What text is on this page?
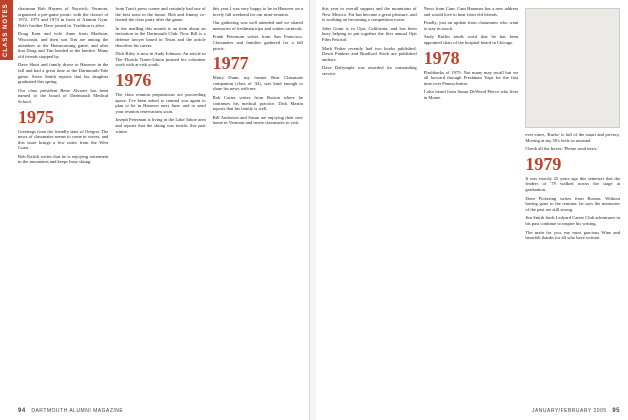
CLASS NOTES	chairman Bob Haynes of Norwich, Vermont, organized a pre-game picnic with the classes of 1972, 1973 and 1974 in front of Alumni Gym. Bob's brother Dave joined in. Tradition is alive.

Doug Kent and wife Anne from Madison, Wisconsin, and their son Tim are among the attendees at the Homecoming game, and after that Doug and Tim headed to the bonfire. Many old friends stopped by.

Dave Short and family drove to Hanover in the fall and had a great time at the Dartmouth-Yale game. Steve Smith reports that his daughter graduated this spring.

Our class president Rene Alvarez has been named to the board of Dartmouth Medical School.

1975

Greetings from the friendly state of Oregon. The news of classmates seems to come in waves, and this issue brings a few notes from the West Coast.

Bob Kalish writes that he is enjoying retirement in the mountains and keeps busy skiing.

from Tom's press corner and certainly had one of the best seats in the house. Bob and Jimmy co-hosted the class party after the game.

In the mailbag this month is an item about an invitation to the Dartmouth Club. Now Bill is a defense lawyer based in Texas and the article describes his career.

Dick Riley is now in Andy Johnson. An article in The Florida Times-Union praised his volunteer work with at-risk youth.

1976

The class reunion preparations are proceeding apace. I've been asked to remind you again to plan to be in Hanover next June, and to send your reunion reservations soon.

Joseph Peterman is living in the Lake Tahoe area and reports that the skiing was terrific this past winter.

this year I was very happy to be in Hanover on a lovely fall weekend for our mini-reunion.

Our gathering was well attended and we shared memories of freshman trips and winter carnivals.

Frank Peterman writes from San Francisco. Classmates and families gathered for a fall picnic.

1977

Marty Dunn, my former Rear Classmate companion (class of '44), was kind enough to share his news with me.

Bob Carter writes from Boston where he continues his medical practice. Dick Martin reports that his family is well.

Bill Anderson and Susan are enjoying their new home in Vermont and invite classmates to visit.

94 DARTMOUTH ALUMNI MAGAZINE

this year in overall support and the mountains of New Mexico. Pat has become a great pleasure, and is working on becoming a competition rower.

John Grant is in Ojai, California, and has been busy helping to put together the first annual Ojai Film Festival.

Mark Fisher recently had two books published, Dawn Punkter and Bradford Slack are published authors.

Dave Dalrymple was awarded for outstanding service.

News from Cam: Cam Hammer has a new address and would love to hear from old friends.

Finally, just an update from classmates who want to stay in touch.

Andy Ruffin sends word that he has been appointed chair of the hospital board in Chicago.

1978

Flashbacks of 1975: Not many may recall but we all forward through Freshman Trips for the first time over Pennsylvania.

I also heard from Susan DeWood Pierce who lives in Maine.

ever since, 'Kurbs' is full of the smart and privacy. Moving at my 50's feels so unusual.

Check all the boxes: 'Please send news.'

1979

It was exactly 25 years ago this semester that the leaders of '79 walked across the stage at graduation.

Dave Pickering writes from Boston. Without having gone to the reunion, he says the memories of the past are still strong.

Jim Smith finds Ledyard Canoe Club adventures in his past continue to inspire his writing.

The main for you, my most gracious Wine and heartfelt thanks for all who have written.

JANUARY/FEBRUARY 2005 95
